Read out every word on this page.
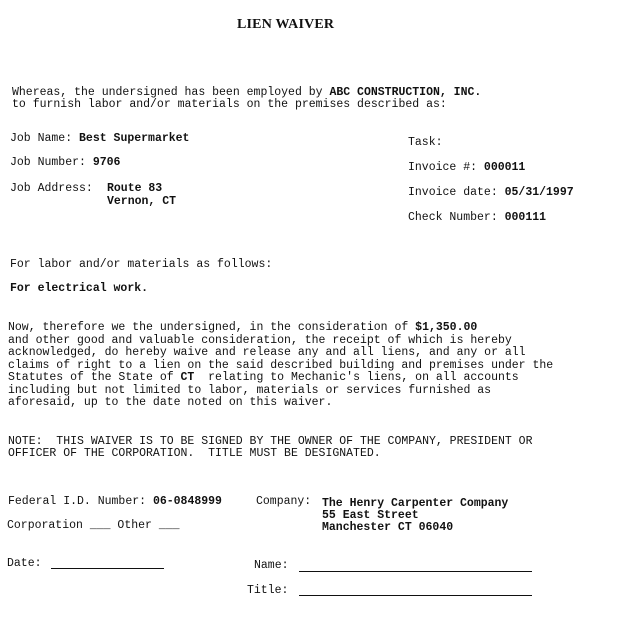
LIEN WAIVER
Whereas, the undersigned has been employed by ABC CONSTRUCTION, INC.
to furnish labor and/or materials on the premises described as:
Job Name: Best Supermarket
Job Number: 9706
Job Address: Route 83
Vernon, CT
Task:
Invoice #: 000011
Invoice date: 05/31/1997
Check Number: 000111
For labor and/or materials as follows:
For electrical work.
Now, therefore we the undersigned, in the consideration of $1,350.00
and other good and valuable consideration, the receipt of which is hereby
acknowledged, do hereby waive and release any and all liens, and any or all
claims of right to a lien on the said described building and premises under the
Statutes of the State of CT  relating to Mechanic's liens, on all accounts
including but not limited to labor, materials or services furnished as
aforesaid, up to the date noted on this waiver.
NOTE:  THIS WAIVER IS TO BE SIGNED BY THE OWNER OF THE COMPANY, PRESIDENT OR
OFFICER OF THE CORPORATION.  TITLE MUST BE DESIGNATED.
Federal I.D. Number: 06-0848999	Company: The Henry Carpenter Company
55 East Street
Manchester CT 06040
Corporation ___ Other ___
Date:	Name:
Title:
